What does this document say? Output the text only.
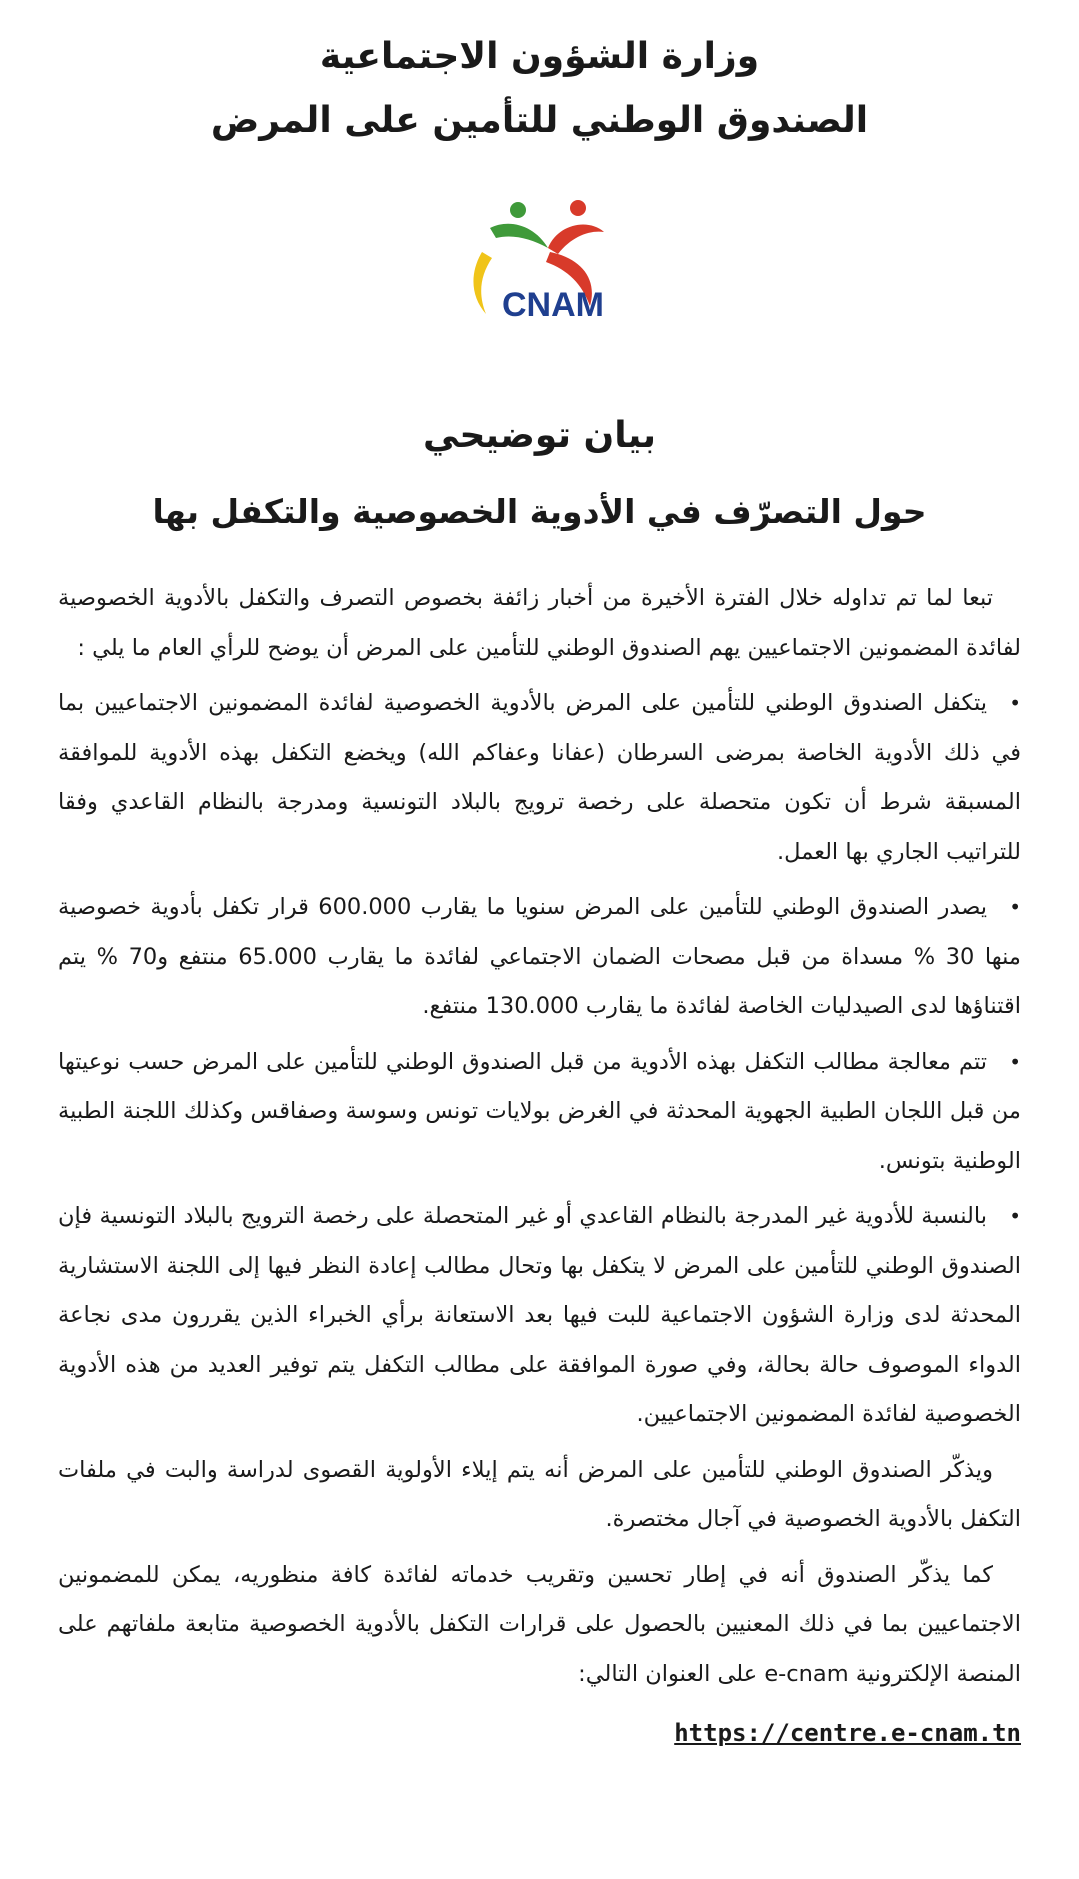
وزارة الشؤون الاجتماعية

الصندوق الوطني للتأمين على المرض

CNAM

بيان توضيحي

حول التصرّف في الأدوية الخصوصية والتكفل بها

تبعا لما تم تداوله خلال الفترة الأخيرة من أخبار زائفة بخصوص التصرف والتكفل بالأدوية الخصوصية لفائدة المضمونين الاجتماعيين يهم الصندوق الوطني للتأمين على المرض أن يوضح للرأي العام ما يلي :

•يتكفل الصندوق الوطني للتأمين على المرض بالأدوية الخصوصية لفائدة المضمونين الاجتماعيين بما في ذلك الأدوية الخاصة بمرضى السرطان (عفانا وعفاكم الله) ويخضع التكفل بهذه الأدوية للموافقة المسبقة شرط أن تكون متحصلة على رخصة ترويج بالبلاد التونسية ومدرجة بالنظام القاعدي وفقا للتراتيب الجاري بها العمل.

•يصدر الصندوق الوطني للتأمين على المرض سنويا ما يقارب 600.000 قرار تكفل بأدوية خصوصية منها 30 % مسداة من قبل مصحات الضمان الاجتماعي لفائدة ما يقارب 65.000 منتفع و70 % يتم اقتناؤها لدى الصيدليات الخاصة لفائدة ما يقارب 130.000 منتفع.

•تتم معالجة مطالب التكفل بهذه الأدوية من قبل الصندوق الوطني للتأمين على المرض حسب نوعيتها من قبل اللجان الطبية الجهوية المحدثة في الغرض بولايات تونس وسوسة وصفاقس وكذلك اللجنة الطبية الوطنية بتونس.

•بالنسبة للأدوية غير المدرجة بالنظام القاعدي أو غير المتحصلة على رخصة الترويج بالبلاد التونسية فإن الصندوق الوطني للتأمين على المرض لا يتكفل بها وتحال مطالب إعادة النظر فيها إلى اللجنة الاستشارية المحدثة لدى وزارة الشؤون الاجتماعية للبت فيها بعد الاستعانة برأي الخبراء الذين يقررون مدى نجاعة الدواء الموصوف حالة بحالة، وفي صورة الموافقة على مطالب التكفل يتم توفير العديد من هذه الأدوية الخصوصية لفائدة المضمونين الاجتماعيين.

ويذكّر الصندوق الوطني للتأمين على المرض أنه يتم إيلاء الأولوية القصوى لدراسة والبت في ملفات التكفل بالأدوية الخصوصية في آجال مختصرة.

كما يذكّر الصندوق أنه في إطار تحسين وتقريب خدماته لفائدة كافة منظوريه، يمكن للمضمونين الاجتماعيين بما في ذلك المعنيين بالحصول على قرارات التكفل بالأدوية الخصوصية متابعة ملفاتهم على المنصة الإلكترونية e-cnam على العنوان التالي:

https://centre.e-cnam.tn
